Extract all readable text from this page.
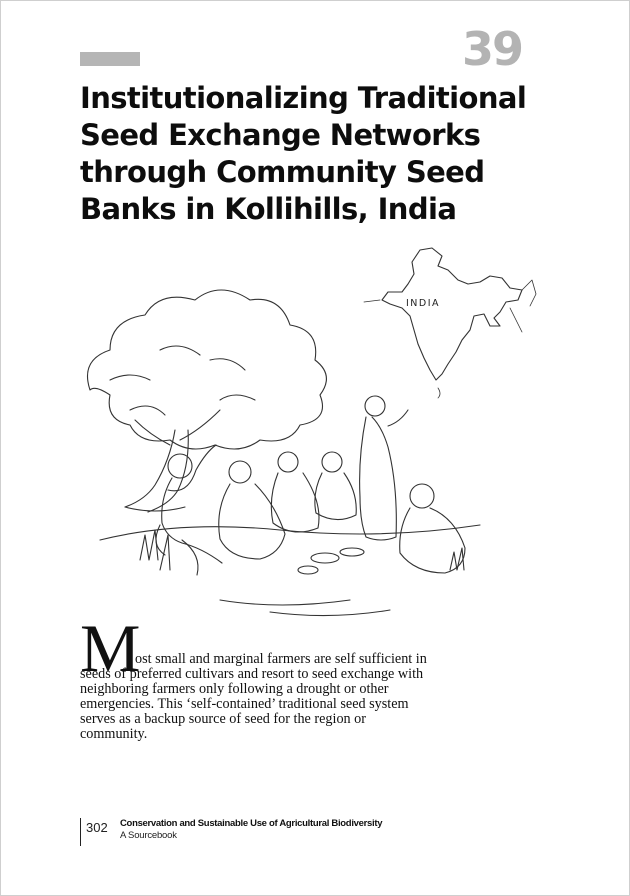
39
Institutionalizing Traditional
Seed Exchange Networks
through Community Seed
Banks in Kollihills, India
INDIA
M
ost small and marginal farmers are self sufficient in
seeds of preferred cultivars and resort to seed exchange with
neighboring farmers only following a drought or other
emergencies. This ‘self-contained’ traditional seed system
serves as a backup source of seed for the region or
community.
302 Conservation and Sustainable Use of Agricultural Biodiversity
A Sourcebook
